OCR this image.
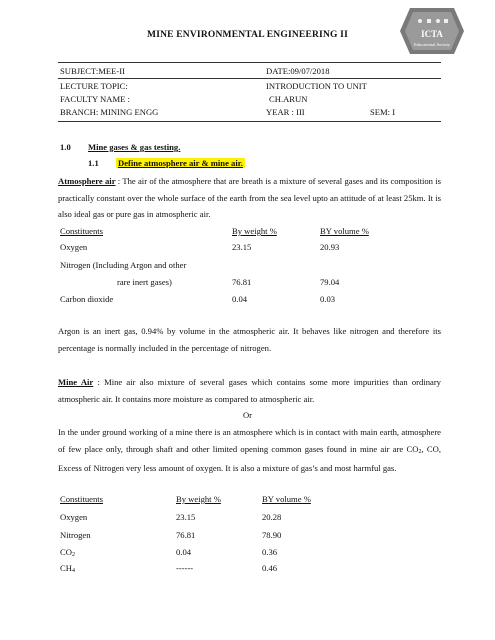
ICTA
Educational Society
MINE ENVIRONMENTAL ENGINEERING II
SUBJECT:MEE-II	DATE:09/07/2018
LECTURE TOPIC:	INTRODUCTION TO UNIT
FACULTY NAME :	CH.ARUN
BRANCH: MINING ENGG	YEAR : III	SEM: I
1.0 Mine gases & gas testing.
1.1 Define atmosphere air & mine air.
Atmosphere air : The air of the atmosphere that are breath is a mixture of several gases and its composition is practically constant over the whole surface of the earth from the sea level upto an attitude of at least 25km. It is also ideal gas or pure gas in atmospheric air.
Constituents	By weight %	BY volume %
Oxygen	23.15	20.93
Nitrogen (Including Argon and other
rare inert gases)	76.81	79.04
Carbon dioxide	0.04	0.03
Argon is an inert gas, 0.94% by volume in the atmospheric air. It behaves like nitrogen and therefore its percentage is normally included in the percentage of nitrogen.
Mine Air : Mine air also mixture of several gases which contains some more impurities than ordinary atmospheric air. It contains more moisture as compared to atmospheric air.
Or
In the under ground working of a mine there is an atmosphere which is in contact with main earth, atmosphere of few place only, through shaft and other limited opening common gases found in mine air are $CO_2$, CO, Excess of Nitrogen very less amount of oxygen. It is also a mixture of gas’s and most harmful gas.
Constituents	By weight %	BY volume %
Oxygen	23.15	20.28
Nitrogen	76.81	78.90
$CO_2$	0.04	0.36
$CH_4$	------	0.46
